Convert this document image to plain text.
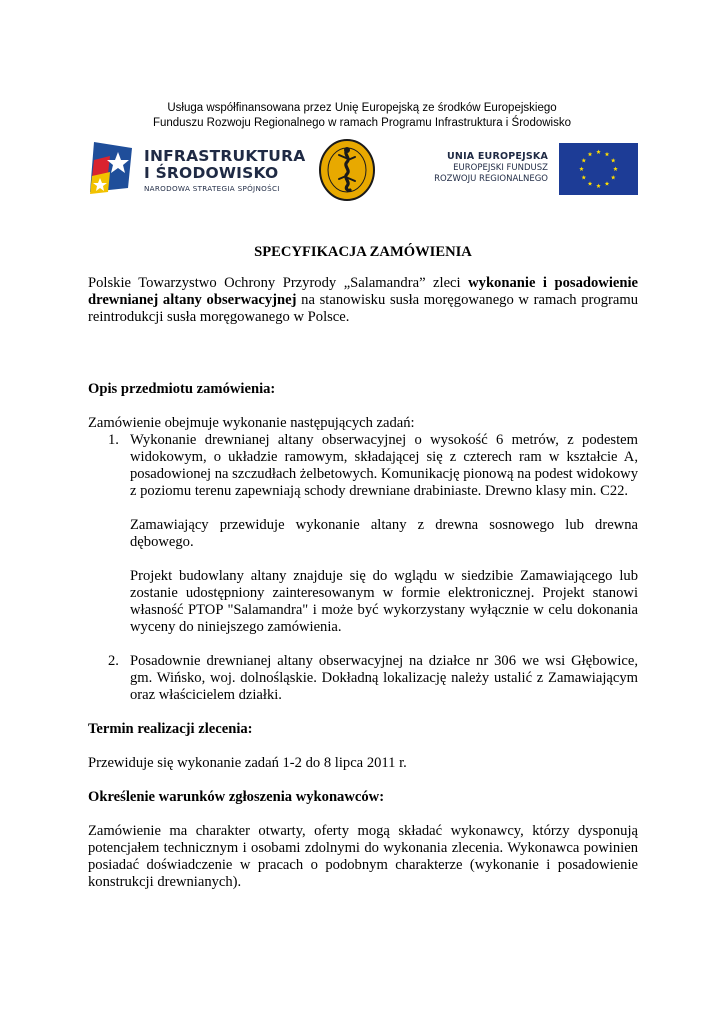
Usługa współfinansowana przez Unię Europejską ze środków Europejskiego
Funduszu Rozwoju Regionalnego w ramach Programu Infrastruktura i Środowisko
INFRASTRUKTURA
I ŚRODOWISKO
NARODOWA STRATEGIA SPÓJNOŚCI
UNIA EUROPEJSKA
EUROPEJSKI FUNDUSZ
ROZWOJU REGIONALNEGO
SPECYFIKACJA ZAMÓWIENIA

Polskie Towarzystwo Ochrony Przyrody „Salamandra” zleci wykonanie i posadowienie drewnianej altany obserwacyjnej na stanowisku susła moręgowanego w ramach programu reintrodukcji susła moręgowanego w Polsce.

Opis przedmiotu zamówienia:

Zamówienie obejmuje wykonanie następujących zadań:

1. Wykonanie drewnianej altany obserwacyjnej o wysokość 6 metrów, z podestem widokowym, o układzie ramowym, składającej się z czterech ram w kształcie A, posadowionej na szczudłach żelbetowych. Komunikację pionową na podest widokowy z poziomu terenu zapewniają schody drewniane drabiniaste. Drewno klasy min. C22.

Zamawiający przewiduje wykonanie altany z drewna sosnowego lub drewna dębowego.

Projekt budowlany altany znajduje się do wglądu w siedzibie Zamawiającego lub zostanie udostępniony zainteresowanym w formie elektronicznej. Projekt stanowi własność PTOP "Salamandra" i może być wykorzystany wyłącznie w celu dokonania wyceny do niniejszego zamówienia.

2. Posadownie drewnianej altany obserwacyjnej na działce nr 306 we wsi Głębowice, gm. Wińsko, woj. dolnośląskie. Dokładną lokalizację należy ustalić z Zamawiającym oraz właścicielem działki.

Termin realizacji zlecenia:

Przewiduje się wykonanie zadań 1-2 do 8 lipca 2011 r.

Określenie warunków zgłoszenia wykonawców:

Zamówienie ma charakter otwarty, oferty mogą składać wykonawcy, którzy dysponują potencjałem technicznym i osobami zdolnymi do wykonania zlecenia. Wykonawca powinien posiadać doświadczenie w pracach o podobnym charakterze (wykonanie i posadowienie konstrukcji drewnianych).
